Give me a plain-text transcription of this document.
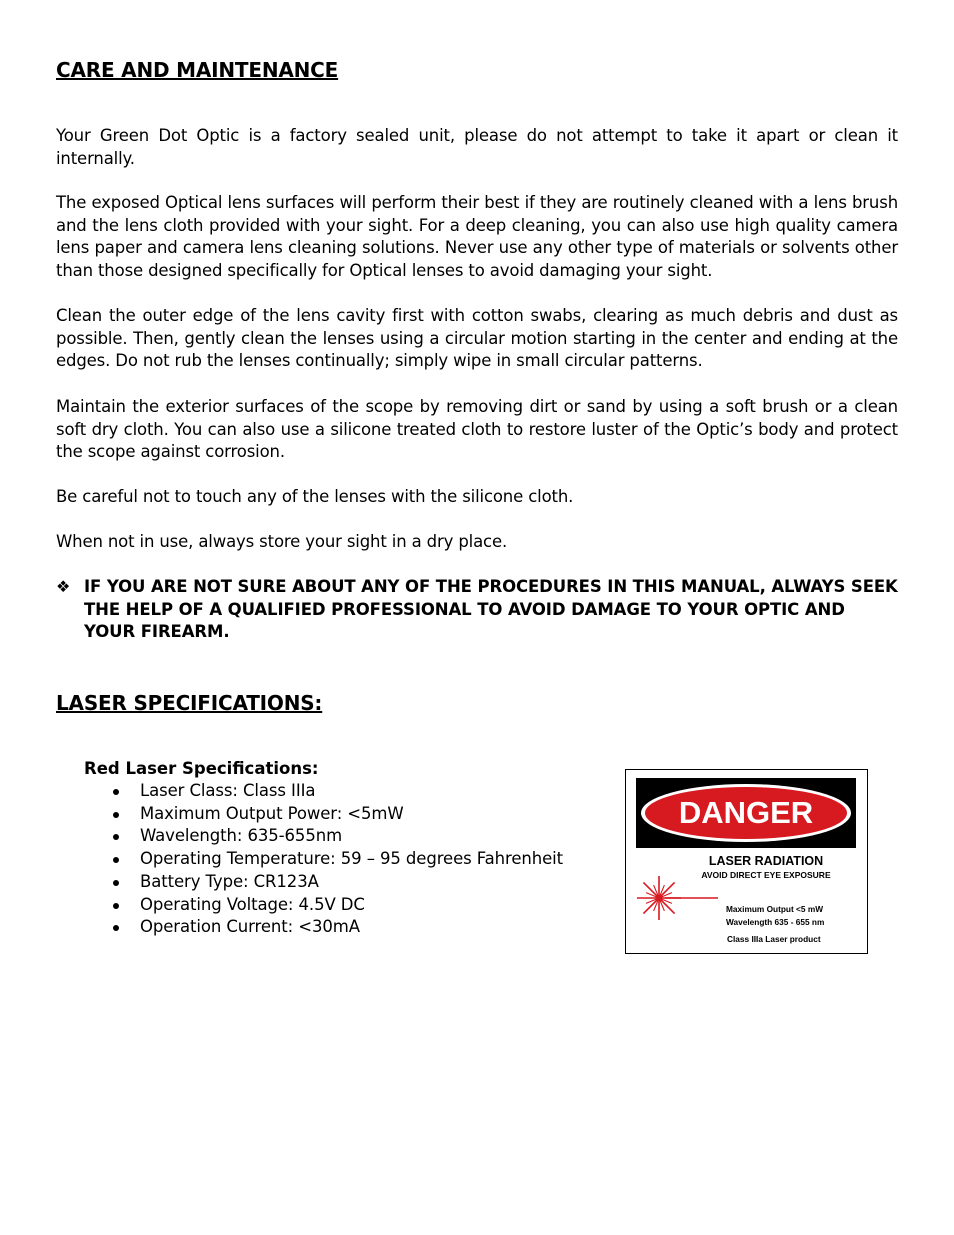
CARE AND MAINTENANCE
Your Green Dot Optic is a factory sealed unit, please do not attempt to take it apart or clean it internally.
The exposed Optical lens surfaces will perform their best if they are routinely cleaned with a lens brush and the lens cloth provided with your sight. For a deep cleaning, you can also use high quality camera lens paper and camera lens cleaning solutions. Never use any other type of materials or solvents other than those designed specifically for Optical lenses to avoid damaging your sight.
Clean the outer edge of the lens cavity first with cotton swabs, clearing as much debris and dust as possible. Then, gently clean the lenses using a circular motion starting in the center and ending at the edges. Do not rub the lenses continually; simply wipe in small circular patterns.
Maintain the exterior surfaces of the scope by removing dirt or sand by using a soft brush or a clean soft dry cloth. You can also use a silicone treated cloth to restore luster of the Optic’s body and protect the scope against corrosion.
Be careful not to touch any of the lenses with the silicone cloth.
When not in use, always store your sight in a dry place.
❖ IF YOU ARE NOT SURE ABOUT ANY OF THE PROCEDURES IN THIS MANUAL, ALWAYS SEEK THE HELP OF A QUALIFIED PROFESSIONAL TO AVOID DAMAGE TO YOUR OPTIC AND YOUR FIREARM.
LASER SPECIFICATIONS:
Red Laser Specifications:
Laser Class: Class IIIa
Maximum Output Power: <5mW
Wavelength: 635-655nm
Operating Temperature: 59 – 95 degrees Fahrenheit
Battery Type: CR123A
Operating Voltage: 4.5V DC
Operation Current: <30mA
DANGER
LASER RADIATION
AVOID DIRECT EYE EXPOSURE
Maximum Output <5 mW
Wavelength 635 - 655 nm
Class IIIa Laser product
